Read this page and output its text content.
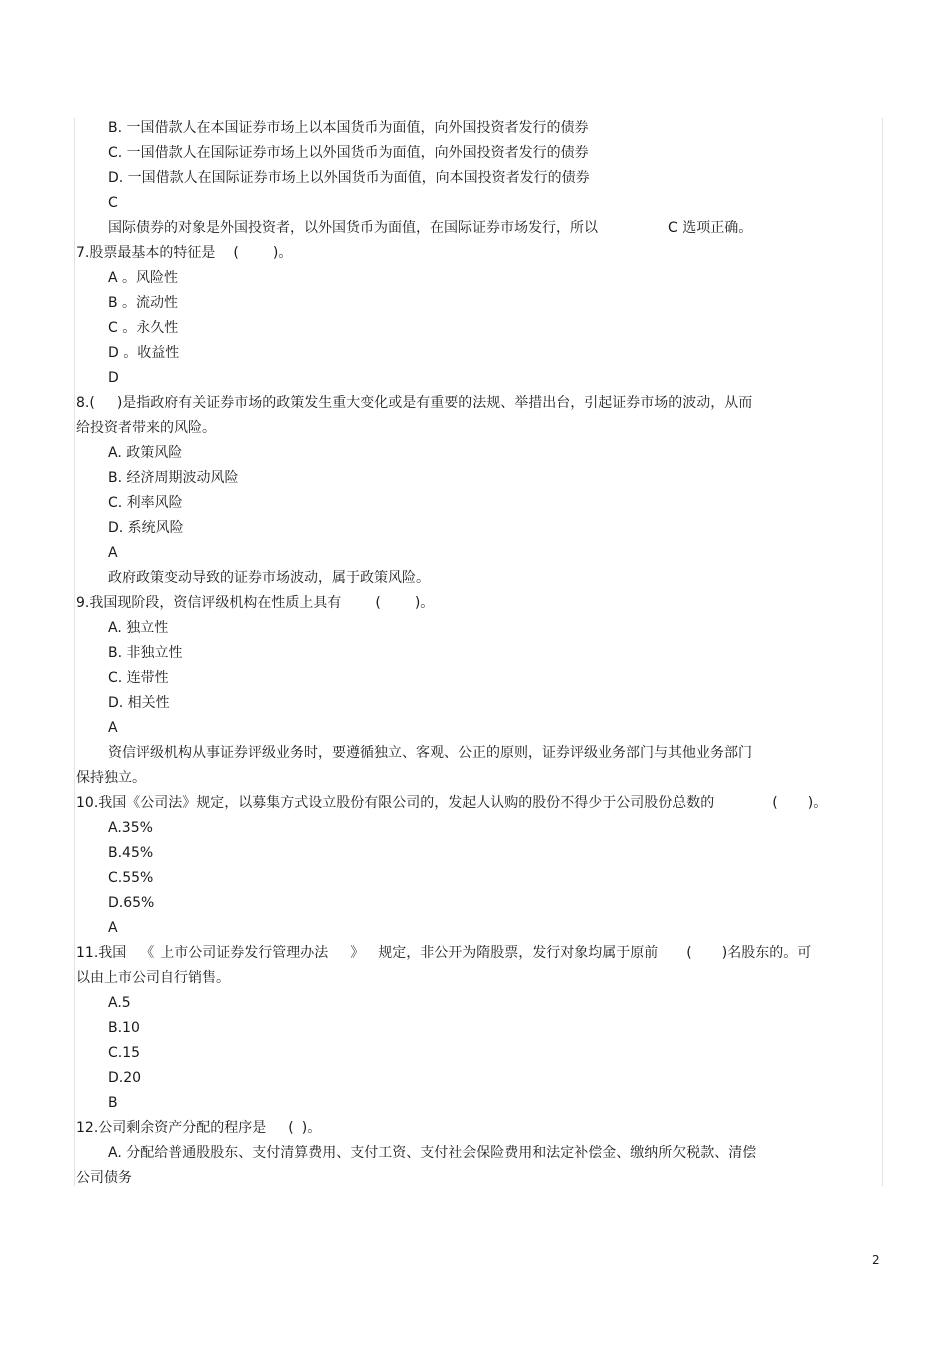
B. 一国借款人在本国证券市场上以本国货币为面值，向外国投资者发行的债券
C. 一国借款人在国际证券市场上以外国货币为面值，向外国投资者发行的债券
D. 一国借款人在国际证券市场上以外国货币为面值，向本国投资者发行的债券
C
国际债券的对象是外国投资者，以外国货币为面值，在国际证券市场发行，所以	C 选项正确。
7.股票最基本的特征是 ( )。
A 。风险性
B 。流动性
C 。永久性
D 。收益性
D
8.( )是指政府有关证券市场的政策发生重大变化或是有重要的法规、举措出台，引起证券市场的波动，从而
给投资者带来的风险。
A. 政策风险
B. 经济周期波动风险
C. 利率风险
D. 系统风险
A
政府政策变动导致的证券市场波动，属于政策风险。
9.我国现阶段，资信评级机构在性质上具有 ( )。
A. 独立性
B. 非独立性
C. 连带性
D. 相关性
A
资信评级机构从事证券评级业务时，要遵循独立、客观、公正的原则，证券评级业务部门与其他业务部门
保持独立。
10.我国《公司法》规定，以募集方式设立股份有限公司的，发起人认购的股份不得少于公司股份总数的	( )。
A.35%
B.45%
C.55%
D.65%
A
11.我国 《 上市公司证券发行管理办法 》 规定，非公开为隋股票，发行对象均属于原前 ( )名股东的。可
以由上市公司自行销售。
A.5
B.10
C.15
D.20
B
12.公司剩余资产分配的程序是 ( )。
A. 分配给普通股股东、支付清算费用、支付工资、支付社会保险费用和法定补偿金、缴纳所欠税款、清偿
公司债务
2
